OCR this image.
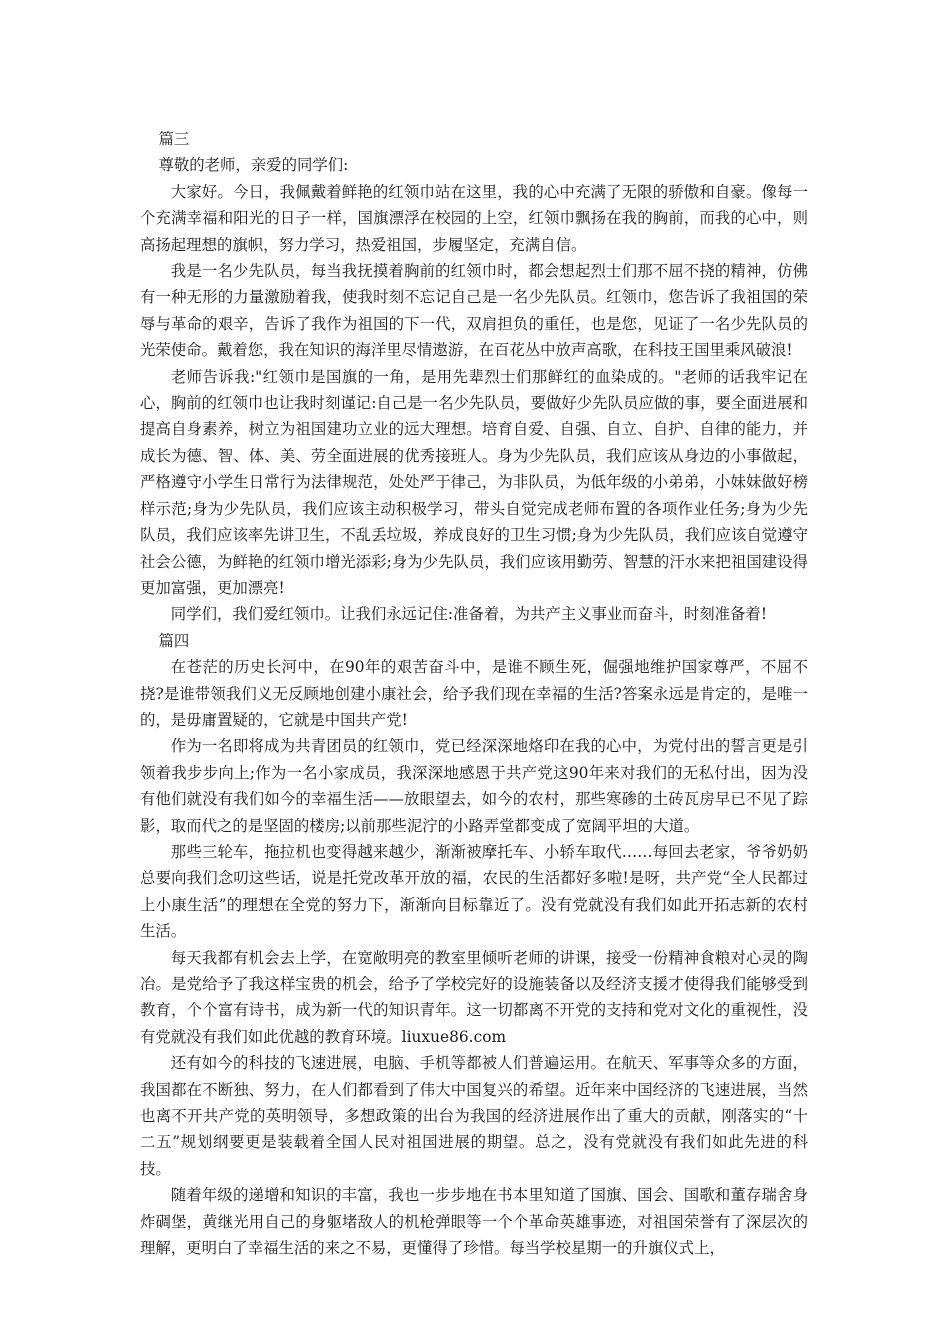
篇三

尊敬的老师，亲爱的同学们:

大家好。今日，我佩戴着鲜艳的红领巾站在这里，我的心中充满了无限的骄傲和自豪。像每一个充满幸福和阳光的日子一样，国旗漂浮在校园的上空，红领巾飘扬在我的胸前，而我的心中，则高扬起理想的旗帜，努力学习，热爱祖国，步履坚定，充满自信。

我是一名少先队员，每当我抚摸着胸前的红领巾时，都会想起烈士们那不屈不挠的精神，仿佛有一种无形的力量激励着我，使我时刻不忘记自己是一名少先队员。红领巾，您告诉了我祖国的荣辱与革命的艰辛，告诉了我作为祖国的下一代，双肩担负的重任，也是您，见证了一名少先队员的光荣使命。戴着您，我在知识的海洋里尽情遨游，在百花丛中放声高歌，在科技王国里乘风破浪!

老师告诉我:"红领巾是国旗的一角，是用先辈烈士们那鲜红的血染成的。"老师的话我牢记在心，胸前的红领巾也让我时刻谨记:自己是一名少先队员，要做好少先队员应做的事，要全面进展和提高自身素养，树立为祖国建功立业的远大理想。培育自爱、自强、自立、自护、自律的能力，并成长为德、智、体、美、劳全面进展的优秀接班人。身为少先队员，我们应该从身边的小事做起，严格遵守小学生日常行为法律规范，处处严于律己，为非队员，为低年级的小弟弟，小妹妹做好榜样示范;身为少先队员，我们应该主动积极学习，带头自觉完成老师布置的各项作业任务;身为少先队员，我们应该率先讲卫生，不乱丢垃圾，养成良好的卫生习惯;身为少先队员，我们应该自觉遵守社会公德，为鲜艳的红领巾增光添彩;身为少先队员，我们应该用勤劳、智慧的汗水来把祖国建设得更加富强，更加漂亮!

同学们，我们爱红领巾。让我们永远记住:准备着，为共产主义事业而奋斗，时刻准备着!

篇四

在苍茫的历史长河中，在90年的艰苦奋斗中，是谁不顾生死，倔强地维护国家尊严，不屈不挠?是谁带领我们义无反顾地创建小康社会，给予我们现在幸福的生活?答案永远是肯定的，是唯一的，是毋庸置疑的，它就是中国共产党!

作为一名即将成为共青团员的红领巾，党已经深深地烙印在我的心中，为党付出的誓言更是引领着我步步向上;作为一名小家成员，我深深地感恩于共产党这90年来对我们的无私付出，因为没有他们就没有我们如今的幸福生活——放眼望去，如今的农村，那些寒碜的土砖瓦房早已不见了踪影，取而代之的是坚固的楼房;以前那些泥泞的小路弄堂都变成了宽阔平坦的大道。

那些三轮车，拖拉机也变得越来越少，渐渐被摩托车、小轿车取代……每回去老家，爷爷奶奶总要向我们念叨这些话，说是托党改革开放的福，农民的生活都好多啦!是呀，共产党“全人民都过上小康生活”的理想在全党的努力下，渐渐向目标靠近了。没有党就没有我们如此开拓志新的农村生活。

每天我都有机会去上学，在宽敞明亮的教室里倾听老师的讲课，接受一份精神食粮对心灵的陶冶。是党给予了我这样宝贵的机会，给予了学校完好的设施装备以及经济支援才使得我们能够受到教育，个个富有诗书，成为新一代的知识青年。这一切都离不开党的支持和党对文化的重视性，没有党就没有我们如此优越的教育环境。liuxue86.com

还有如今的科技的飞速进展，电脑、手机等都被人们普遍运用。在航天、军事等众多的方面，我国都在不断独、努力，在人们都看到了伟大中国复兴的希望。近年来中国经济的飞速进展，当然也离不开共产党的英明领导，多想政策的出台为我国的经济进展作出了重大的贡献，刚落实的“十二五”规划纲要更是装载着全国人民对祖国进展的期望。总之，没有党就没有我们如此先进的科技。

随着年级的递增和知识的丰富，我也一步步地在书本里知道了国旗、国会、国歌和董存瑞舍身炸碉堡，黄继光用自己的身躯堵敌人的机枪弹眼等一个个革命英雄事迹，对祖国荣誉有了深层次的理解，更明白了幸福生活的来之不易，更懂得了珍惜。每当学校星期一的升旗仪式上，
